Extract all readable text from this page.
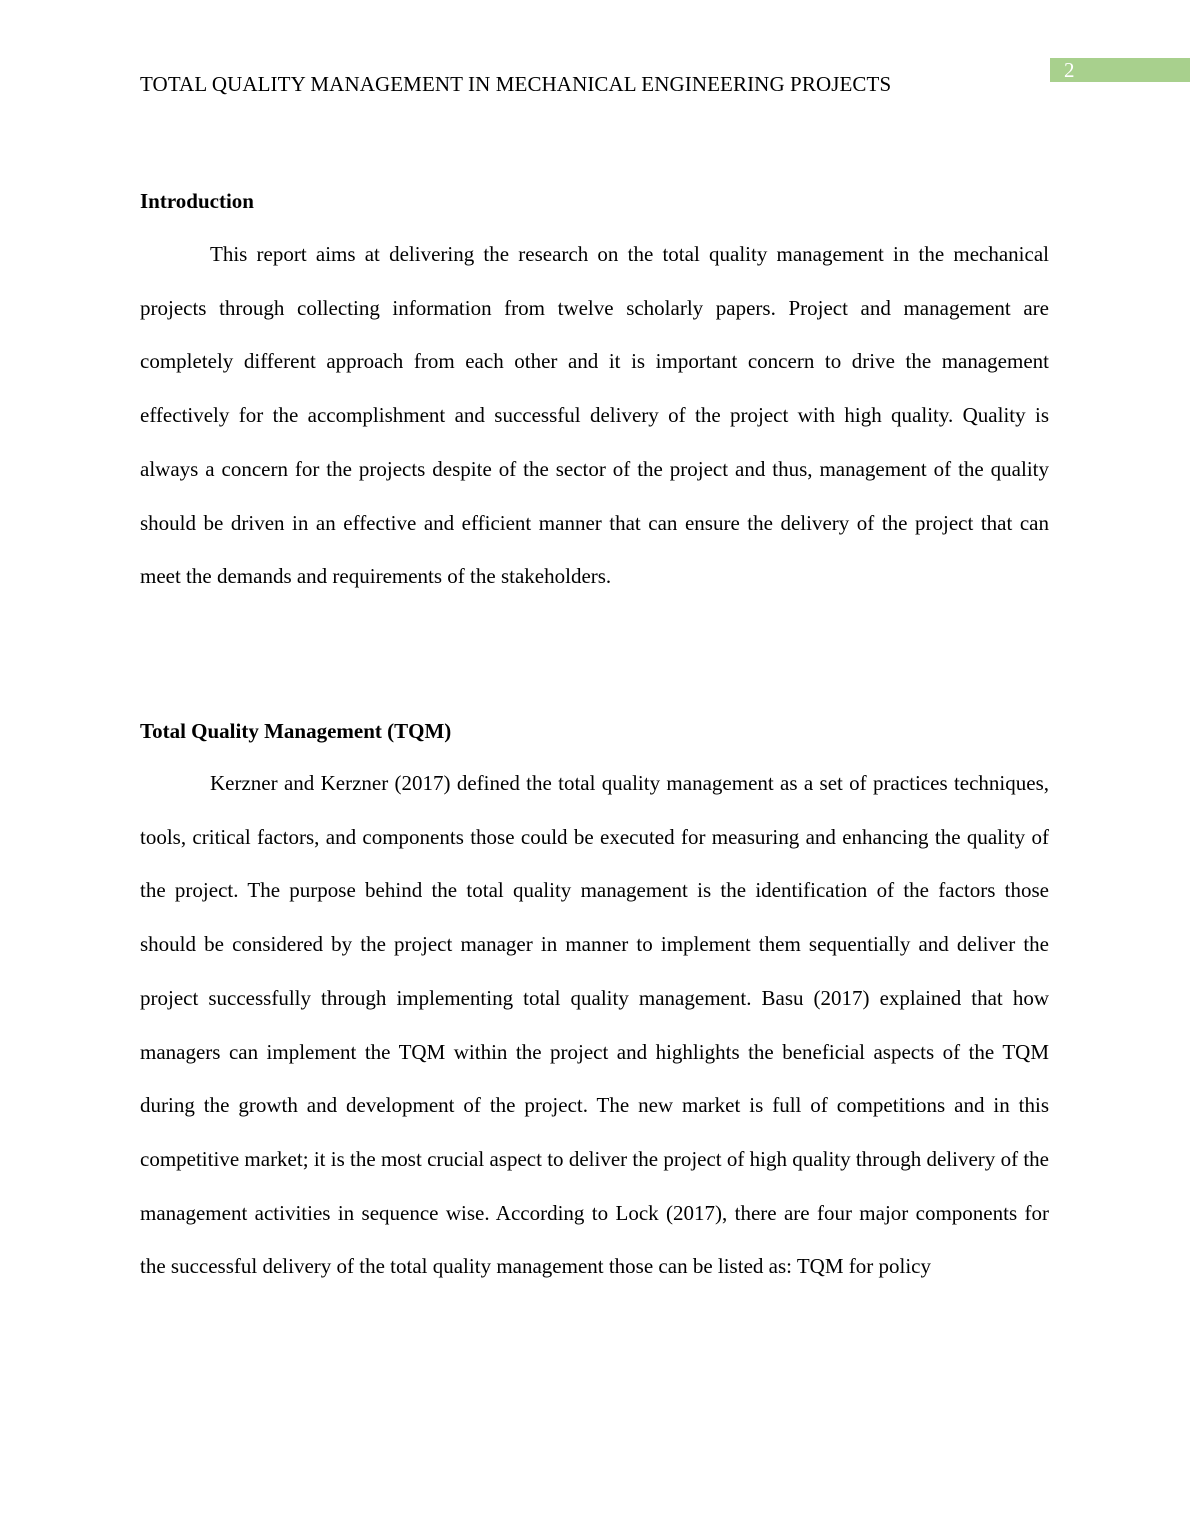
2
TOTAL QUALITY MANAGEMENT IN MECHANICAL ENGINEERING PROJECTS
Introduction

This report aims at delivering the research on the total quality management in the mechanical projects through collecting information from twelve scholarly papers. Project and management are completely different approach from each other and it is important concern to drive the management effectively for the accomplishment and successful delivery of the project with high quality. Quality is always a concern for the projects despite of the sector of the project and thus, management of the quality should be driven in an effective and efficient manner that can ensure the delivery of the project that can meet the demands and requirements of the stakeholders.

Total Quality Management (TQM)

Kerzner and Kerzner (2017) defined the total quality management as a set of practices techniques, tools, critical factors, and components those could be executed for measuring and enhancing the quality of the project. The purpose behind the total quality management is the identification of the factors those should be considered by the project manager in manner to implement them sequentially and deliver the project successfully through implementing total quality management. Basu (2017) explained that how managers can implement the TQM within the project and highlights the beneficial aspects of the TQM during the growth and development of the project. The new market is full of competitions and in this competitive market; it is the most crucial aspect to deliver the project of high quality through delivery of the management activities in sequence wise. According to Lock (2017), there are four major components for the successful delivery of the total quality management those can be listed as: TQM for policy
